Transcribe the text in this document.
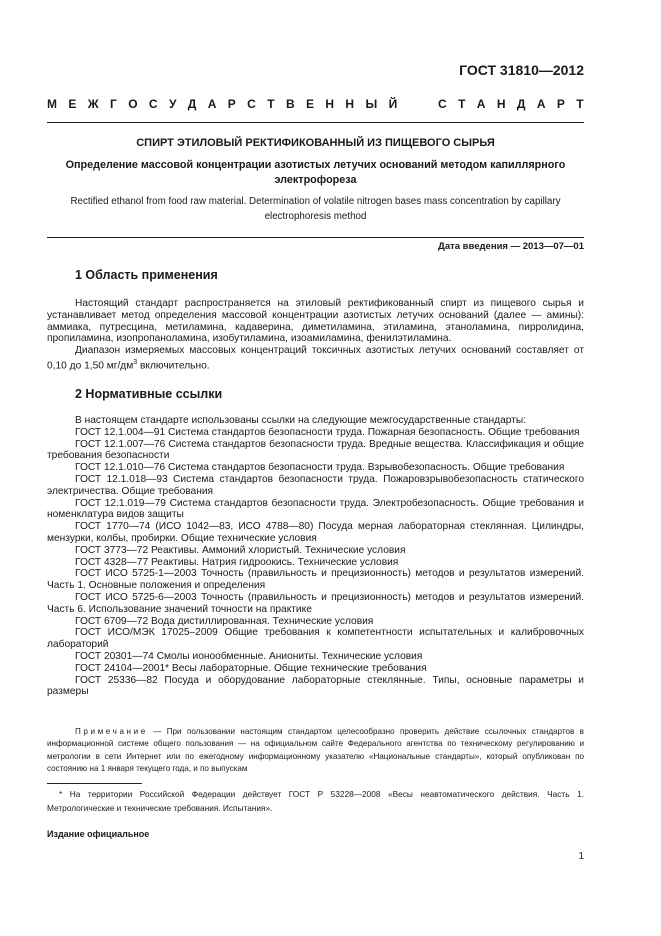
ГОСТ 31810—2012
М Е Ж Г О С У Д А Р С Т В Е Н Н Ы Й

	С Т А Н Д А Р Т
СПИРТ ЭТИЛОВЫЙ РЕКТИФИКОВАННЫЙ ИЗ ПИЩЕВОГО СЫРЬЯ
Определение массовой концентрации азотистых летучих оснований методом капиллярного электрофореза
Rectified ethanol from food raw material. Determination of volatile nitrogen bases mass concentration by capillary electrophoresis method
Дата введения — 2013—07—01
1 Область применения

Настоящий стандарт распространяется на этиловый ректификованный спирт из пищевого сырья и устанавливает метод определения массовой концентрации азотистых летучих оснований (далее — амины): аммиака, путресцина, метиламина, кадаверина, диметиламина, этиламина, этаноламина, пирролидина, пропиламина, изопропаноламина, изобутиламина, изоамиламина, фенилэтиламина.

Диапазон измеряемых массовых концентраций токсичных азотистых летучих оснований составляет от 0,10 до 1,50 $мг/дм^3$ включительно.

2 Нормативные ссылки

В настоящем стандарте использованы ссылки на следующие межгосударственные стандарты:

ГОСТ 12.1.004—91 Система стандартов безопасности труда. Пожарная безопасность. Общие требования

ГОСТ 12.1.007—76 Система стандартов безопасности труда. Вредные вещества. Классификация и общие требования безопасности

ГОСТ 12.1.010—76 Система стандартов безопасности труда. Взрывобезопасность. Общие требования

ГОСТ 12.1.018—93 Система стандартов безопасности труда. Пожаровзрывобезопасность статического электричества. Общие требования

ГОСТ 12.1.019—79 Система стандартов безопасности труда. Электробезопасность. Общие требования и номенклатура видов защиты

ГОСТ 1770—74 (ИСО 1042—83, ИСО 4788—80) Посуда мерная лабораторная стеклянная. Цилиндры, мензурки, колбы, пробирки. Общие технические условия

ГОСТ 3773—72 Реактивы. Аммоний хлористый. Технические условия

ГОСТ 4328—77 Реактивы. Натрия гидроокись. Технические условия

ГОСТ ИСО 5725-1—2003 Точность (правильность и прецизионность) методов и результатов измерений. Часть 1. Основные положения и определения

ГОСТ ИСО 5725-6—2003 Точность (правильность и прецизионность) методов и результатов измерений. Часть 6. Использование значений точности на практике

ГОСТ 6709—72 Вода дистиллированная. Технические условия

ГОСТ ИСО/МЭК 17025–2009 Общие требования к компетентности испытательных и калибровочных лабораторий

ГОСТ 20301—74 Смолы ионообменные. Аниониты. Технические условия

ГОСТ 24104—2001* Весы лабораторные. Общие технические требования

ГОСТ 25336—82 Посуда и оборудование лабораторные стеклянные. Типы, основные параметры и размеры

Примечание — При пользовании настоящим стандартом целесообразно проверить действие ссылочных стандартов в информационной системе общего пользования — на официальном сайте Федерального агентства по техническому регулированию и метрологии в сети Интернет или по ежегодному информационному указателю «Национальные стандарты», который опубликован по состоянию на 1 января текущего года, и по выпускам
* На территории Российской Федерации действует ГОСТ Р 53228—2008 «Весы неавтоматического действия. Часть 1. Метрологические и технические требования. Испытания».
Издание официальное
1
